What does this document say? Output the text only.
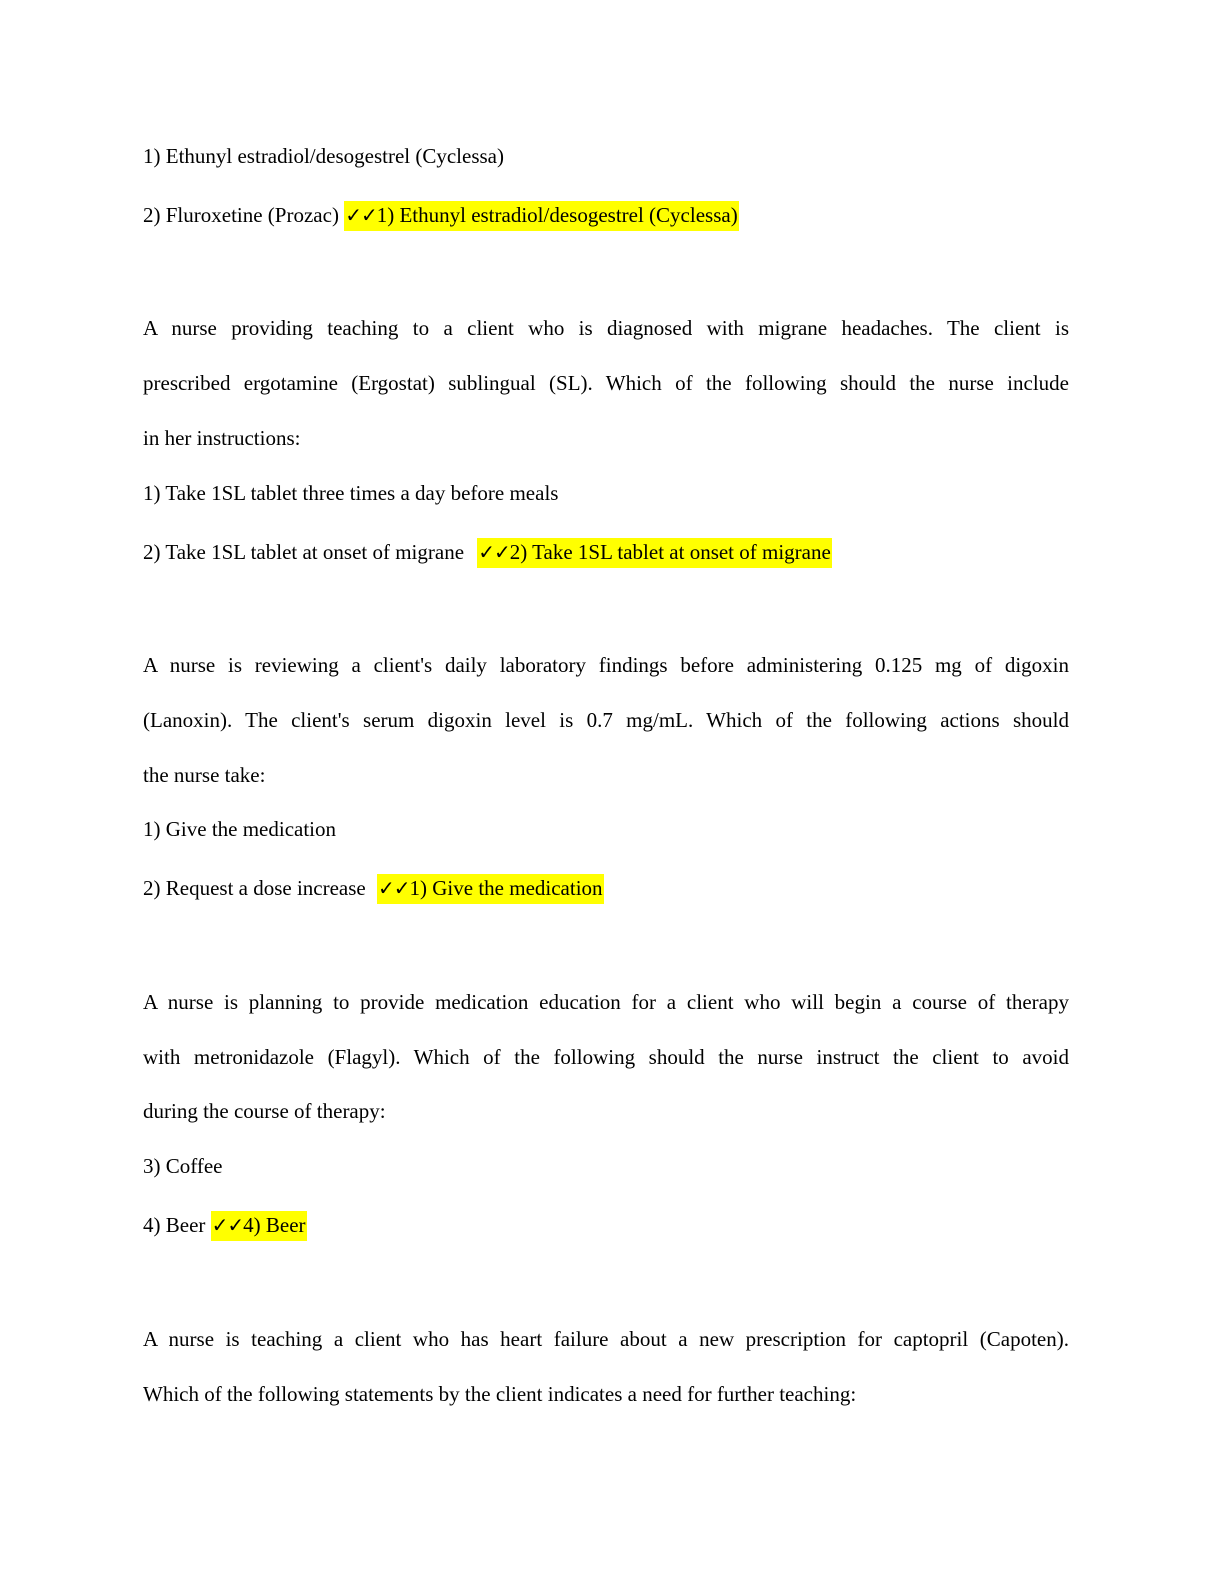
1) Ethunyl estradiol/desogestrel (Cyclessa)
2) Fluroxetine (Prozac) ✓✓1) Ethunyl estradiol/desogestrel (Cyclessa)
A nurse providing teaching to a client who is diagnosed with migrane headaches. The client is
prescribed ergotamine (Ergostat) sublingual (SL). Which of the following should the nurse include
in her instructions:
1) Take 1SL tablet three times a day before meals
2) Take 1SL tablet at onset of migrane ✓✓2) Take 1SL tablet at onset of migrane
A nurse is reviewing a client's daily laboratory findings before administering 0.125 mg of digoxin
(Lanoxin). The client's serum digoxin level is 0.7 mg/mL. Which of the following actions should
the nurse take:
1) Give the medication
2) Request a dose increase ✓✓1) Give the medication
A nurse is planning to provide medication education for a client who will begin a course of therapy
with metronidazole (Flagyl). Which of the following should the nurse instruct the client to avoid
during the course of therapy:
3) Coffee
4) Beer ✓✓4) Beer
A nurse is teaching a client who has heart failure about a new prescription for captopril (Capoten).
Which of the following statements by the client indicates a need for further teaching:
